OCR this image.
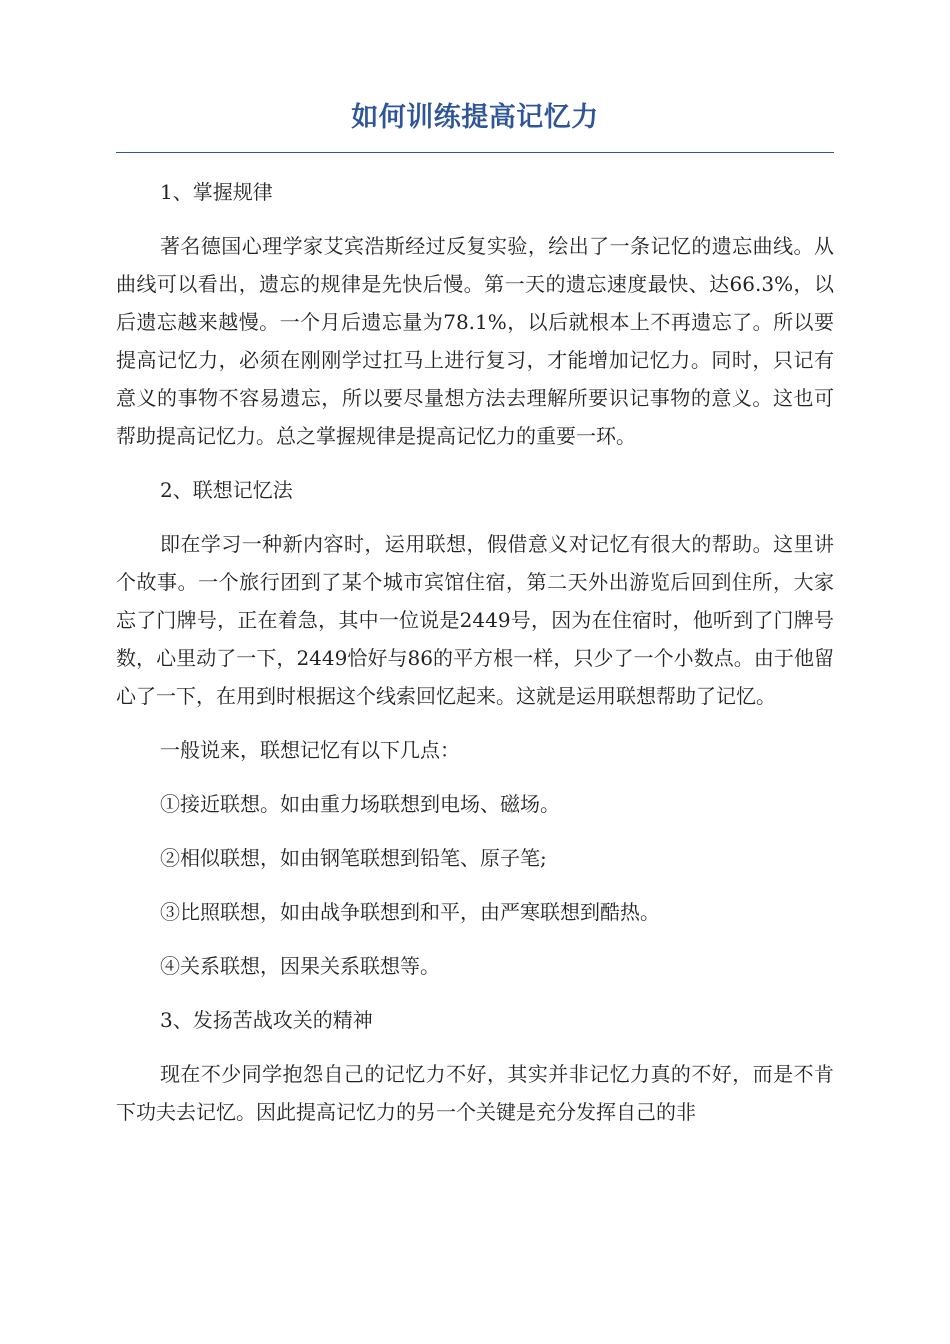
如何训练提高记忆力

1、掌握规律

著名德国心理学家艾宾浩斯经过反复实验，绘出了一条记忆的遗忘曲线。从曲线可以看出，遗忘的规律是先快后慢。第一天的遗忘速度最快、达66.3%，以后遗忘越来越慢。一个月后遗忘量为78.1%，以后就根本上不再遗忘了。所以要提高记忆力，必须在刚刚学过扛马上进行复习，才能增加记忆力。同时，只记有意义的事物不容易遗忘，所以要尽量想方法去理解所要识记事物的意义。这也可帮助提高记忆力。总之掌握规律是提高记忆力的重要一环。

2、联想记忆法

即在学习一种新内容时，运用联想，假借意义对记忆有很大的帮助。这里讲个故事。一个旅行团到了某个城市宾馆住宿，第二天外出游览后回到住所，大家忘了门牌号，正在着急，其中一位说是2449号，因为在住宿时，他听到了门牌号数，心里动了一下，2449恰好与86的平方根一样，只少了一个小数点。由于他留心了一下，在用到时根据这个线索回忆起来。这就是运用联想帮助了记忆。

一般说来，联想记忆有以下几点：

①接近联想。如由重力场联想到电场、磁场。

②相似联想，如由钢笔联想到铅笔、原子笔;

③比照联想，如由战争联想到和平，由严寒联想到酷热。

④关系联想，因果关系联想等。

3、发扬苦战攻关的精神

现在不少同学抱怨自己的记忆力不好，其实并非记忆力真的不好，而是不肯下功夫去记忆。因此提高记忆力的另一个关键是充分发挥自己的非
